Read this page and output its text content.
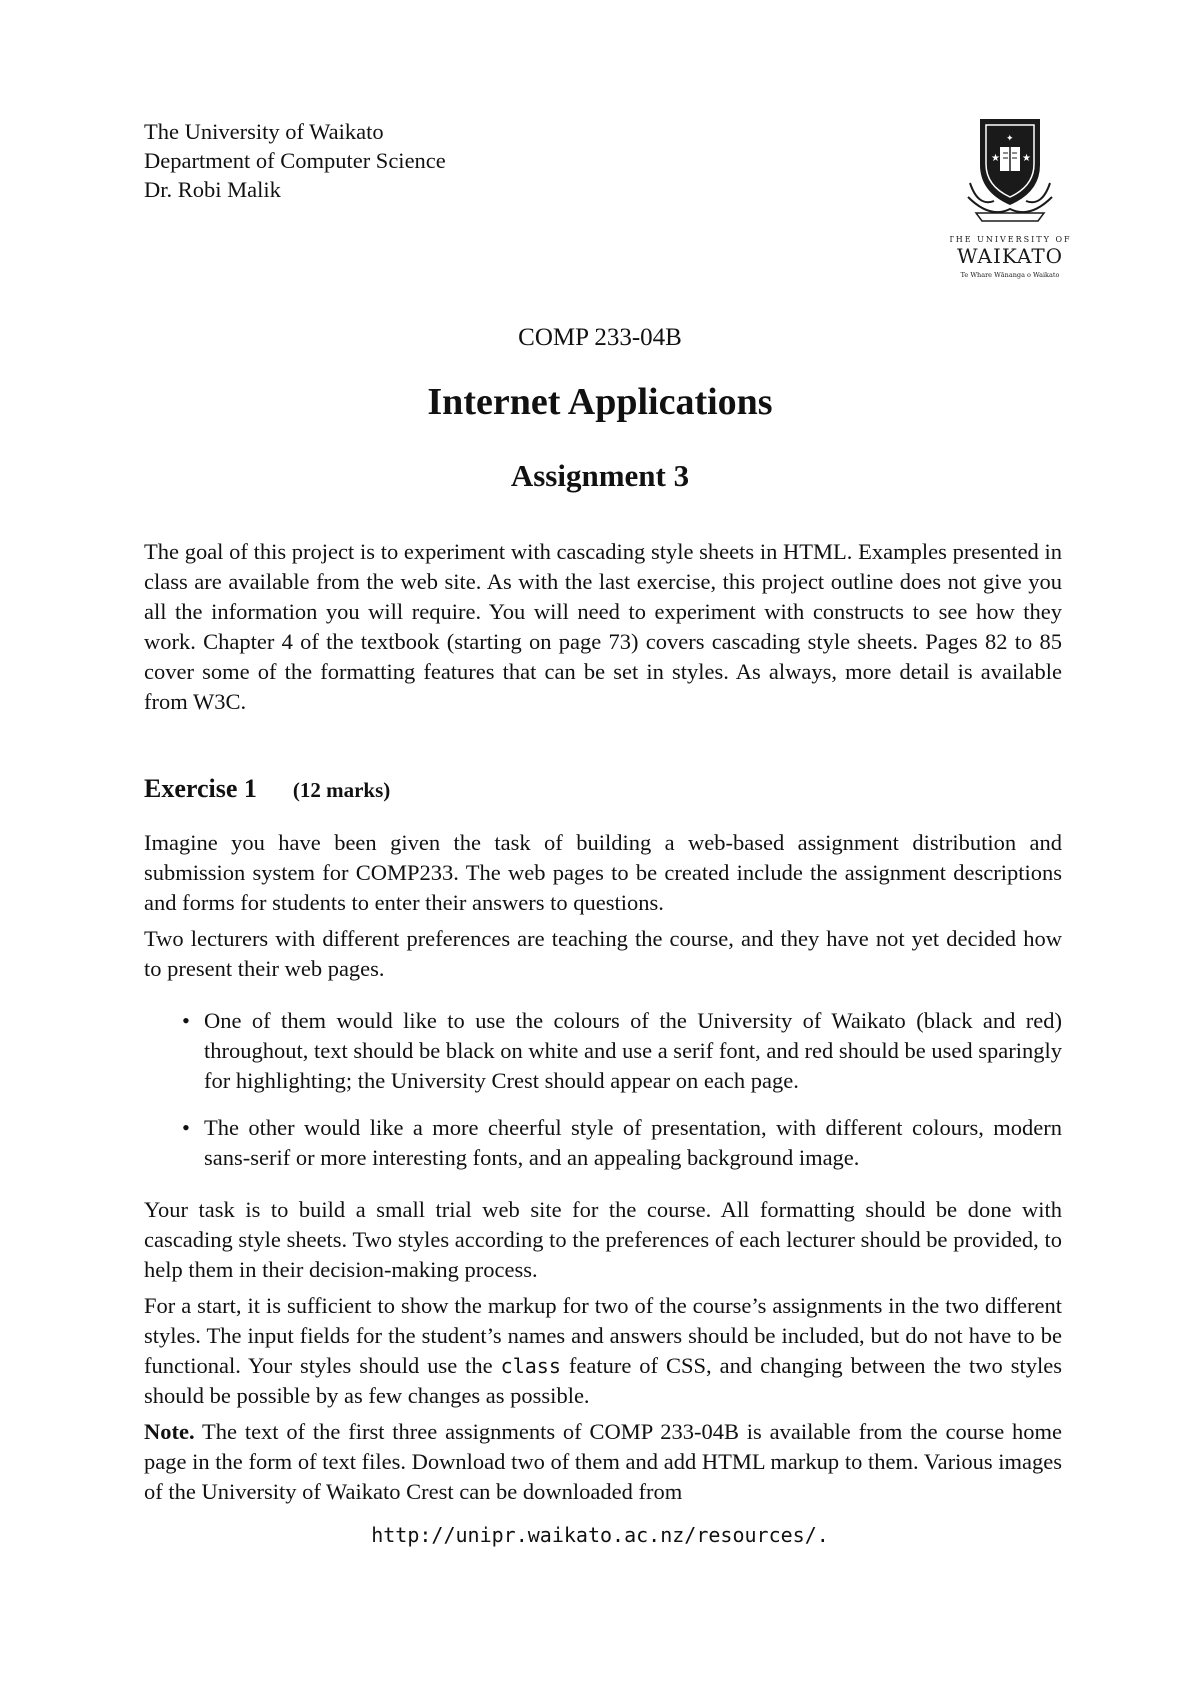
The University of Waikato
Department of Computer Science
Dr. Robi Malik
★ ★
✦
THE UNIVERSITY OF
WAIKATO
Te Whare Wānanga o Waikato
COMP 233-04B
Internet Applications
Assignment 3

The goal of this project is to experiment with cascading style sheets in HTML. Examples presented in class are available from the web site. As with the last exercise, this project outline does not give you all the information you will require. You will need to experiment with constructs to see how they work. Chapter 4 of the textbook (starting on page 73) covers cascading style sheets. Pages 82 to 85 cover some of the formatting features that can be set in styles. As always, more detail is available from W3C.

Exercise 1 (12 marks)

Imagine you have been given the task of building a web-based assignment distribution and submission system for COMP233. The web pages to be created include the assignment descriptions and forms for students to enter their answers to questions.

Two lecturers with different preferences are teaching the course, and they have not yet decided how to present their web pages.

• One of them would like to use the colours of the University of Waikato (black and red) throughout, text should be black on white and use a serif font, and red should be used sparingly for highlighting; the University Crest should appear on each page.
• The other would like a more cheerful style of presentation, with different colours, modern sans-serif or more interesting fonts, and an appealing background image.

Your task is to build a small trial web site for the course. All formatting should be done with cascading style sheets. Two styles according to the preferences of each lecturer should be provided, to help them in their decision-making process.

For a start, it is sufficient to show the markup for two of the course’s assignments in the two different styles. The input fields for the student’s names and answers should be included, but do not have to be functional. Your styles should use the class feature of CSS, and changing between the two styles should be possible by as few changes as possible.

Note. The text of the first three assignments of COMP 233-04B is available from the course home page in the form of text files. Download two of them and add HTML markup to them. Various images of the University of Waikato Crest can be downloaded from

http://unipr.waikato.ac.nz/resources/.
